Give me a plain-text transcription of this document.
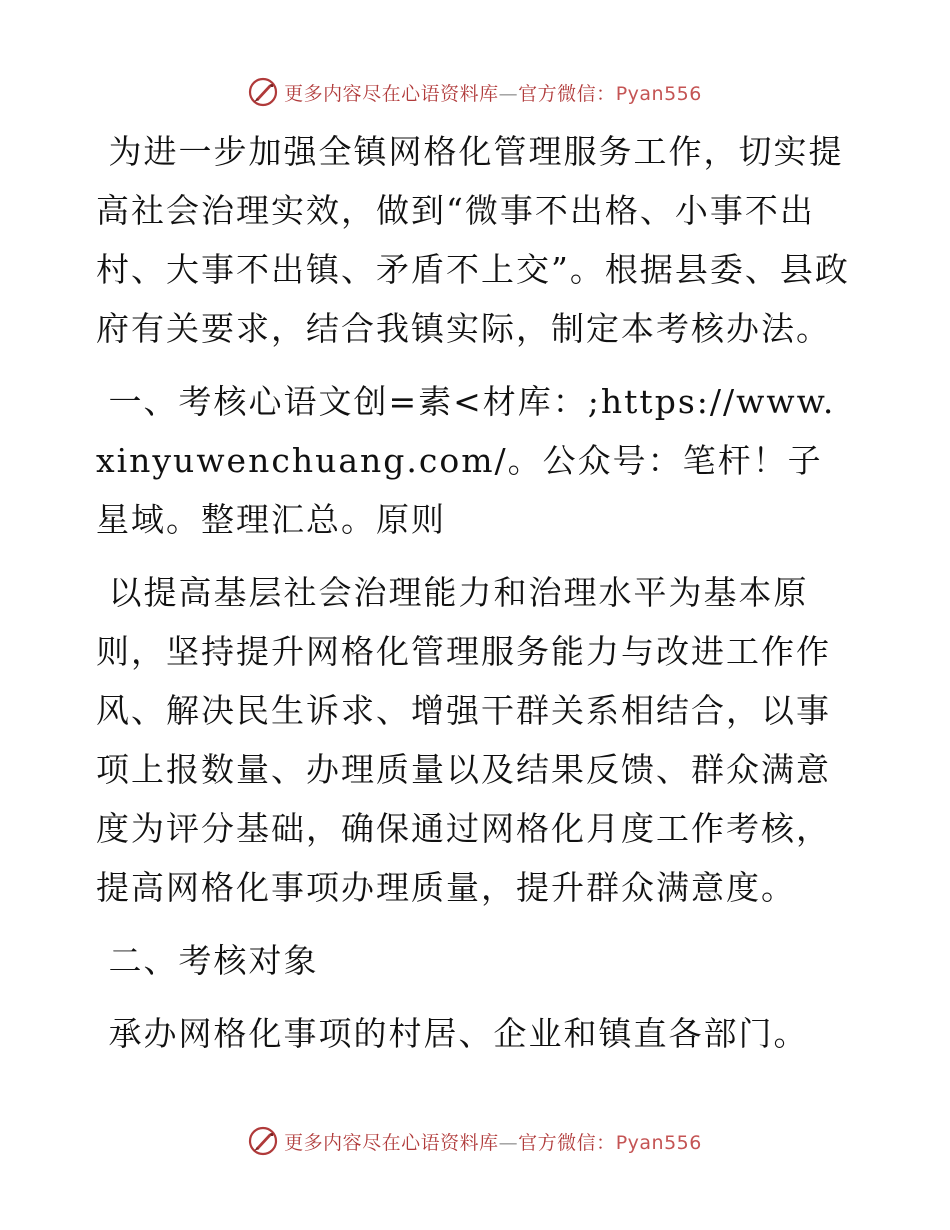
更多内容尽在心语资料库—官方微信：Pyan556

为进一步加强全镇网格化管理服务工作，切实提高社会治理实效，做到“微事不出格、小事不出村、大事不出镇、矛盾不上交”。根据县委、县政府有关要求，结合我镇实际，制定本考核办法。

一、考核心语文创=素<材库：;https://www.xinyuwenchuang.com/。公众号：笔杆！子星域。整理汇总。原则

以提高基层社会治理能力和治理水平为基本原则，坚持提升网格化管理服务能力与改进工作作风、解决民生诉求、增强干群关系相结合，以事项上报数量、办理质量以及结果反馈、群众满意度为评分基础，确保通过网格化月度工作考核，提高网格化事项办理质量，提升群众满意度。

二、考核对象

承办网格化事项的村居、企业和镇直各部门。

更多内容尽在心语资料库—官方微信：Pyan556
